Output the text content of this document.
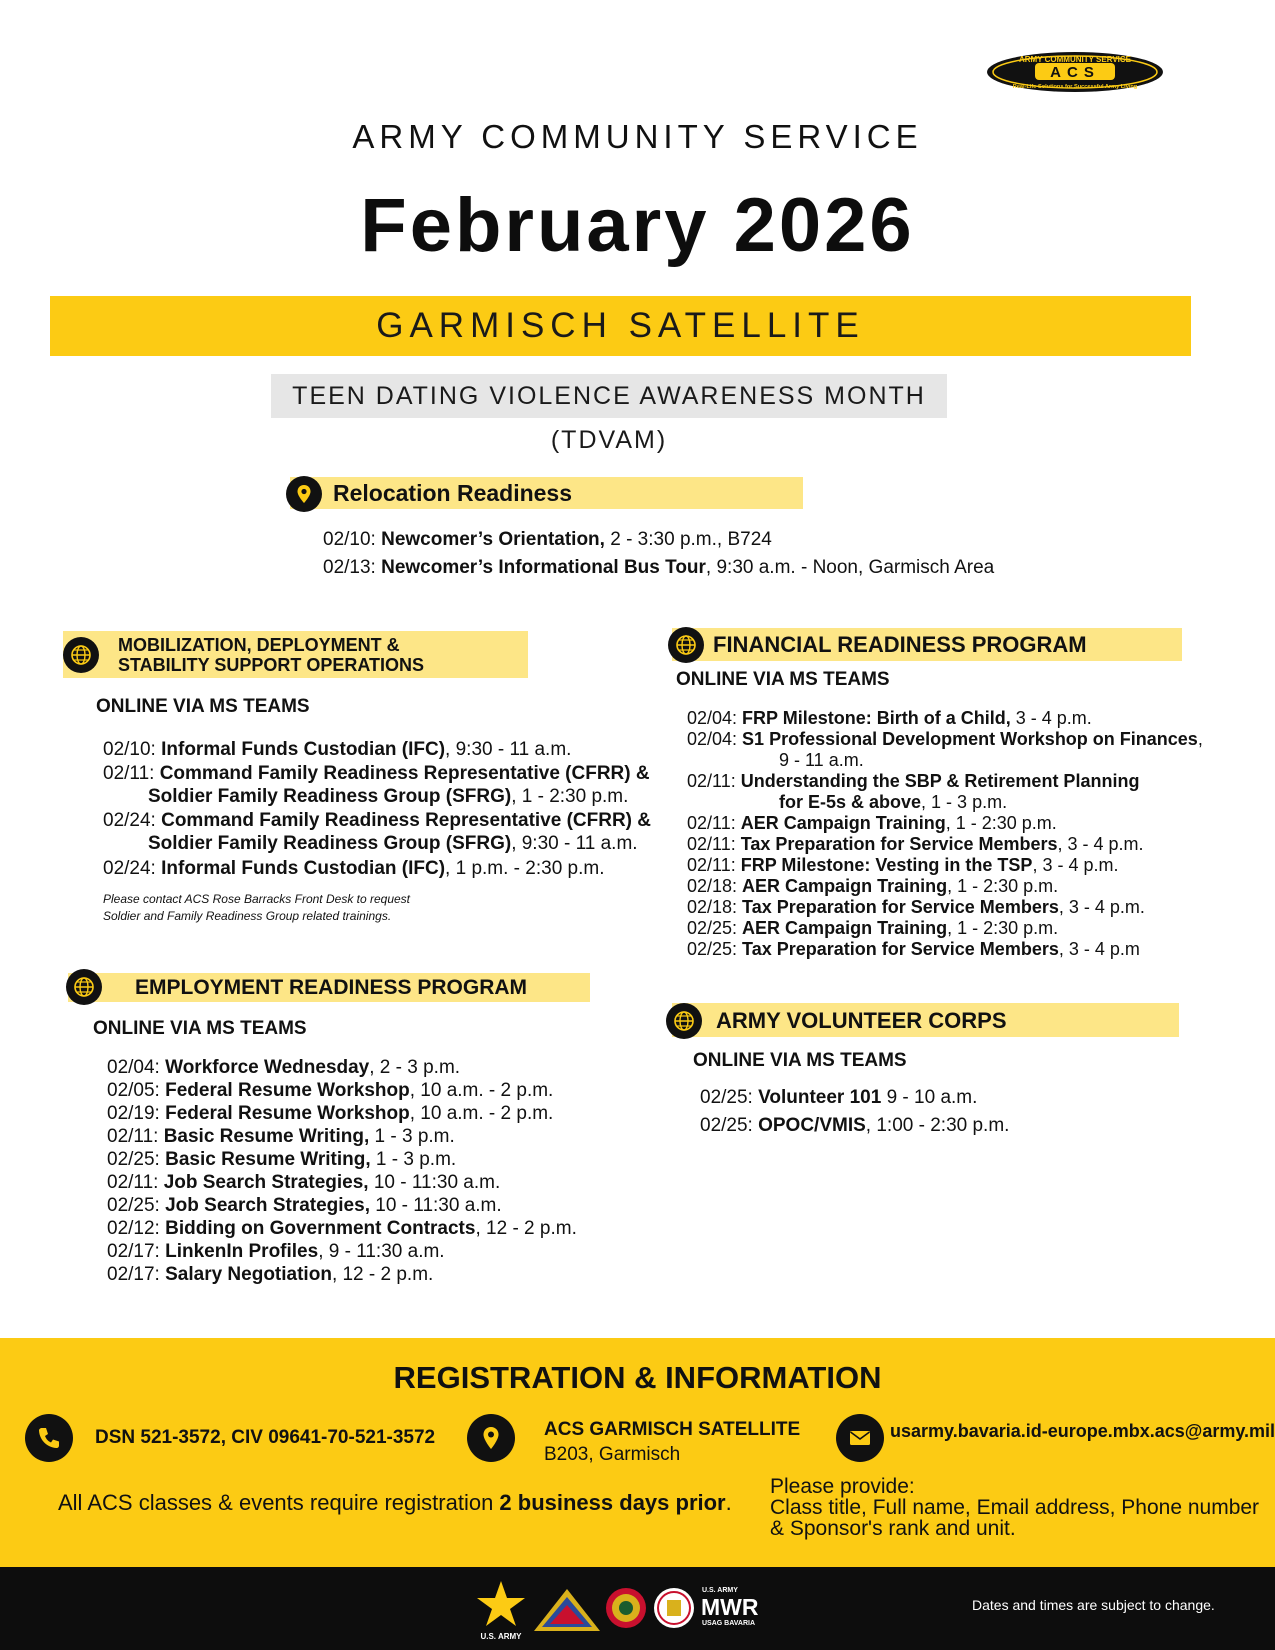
ARMY COMMUNITY SERVICE
ACS
Real-Life Solutions for Successful Army Living
ARMY COMMUNITY SERVICE
February 2026
GARMISCH SATELLITE
TEEN DATING VIOLENCE AWARENESS MONTH (TDVAM)
Relocation Readiness
02/10: Newcomer’s Orientation, 2 - 3:30 p.m., B724
02/13: Newcomer’s Informational Bus Tour, 9:30 a.m. - Noon, Garmisch Area
MOBILIZATION, DEPLOYMENT &
STABILITY SUPPORT OPERATIONS
ONLINE VIA MS TEAMS
02/10: Informal Funds Custodian (IFC), 9:30 - 11 a.m.
02/11: Command Family Readiness Representative (CFRR) &
Soldier Family Readiness Group (SFRG), 1 - 2:30 p.m.
02/24: Command Family Readiness Representative (CFRR) &
Soldier Family Readiness Group (SFRG), 9:30 - 11 a.m.
02/24: Informal Funds Custodian (IFC), 1 p.m. - 2:30 p.m.
Please contact ACS Rose Barracks Front Desk to request
Soldier and Family Readiness Group related trainings.
EMPLOYMENT READINESS PROGRAM
ONLINE VIA MS TEAMS
02/04: Workforce Wednesday, 2 - 3 p.m.
02/05: Federal Resume Workshop, 10 a.m. - 2 p.m.
02/19: Federal Resume Workshop, 10 a.m. - 2 p.m.
02/11: Basic Resume Writing, 1 - 3 p.m.
02/25: Basic Resume Writing, 1 - 3 p.m.
02/11: Job Search Strategies, 10 - 11:30 a.m.
02/25: Job Search Strategies, 10 - 11:30 a.m.
02/12: Bidding on Government Contracts, 12 - 2 p.m.
02/17: LinkenIn Profiles, 9 - 11:30 a.m.
02/17: Salary Negotiation, 12 - 2 p.m.
FINANCIAL READINESS PROGRAM
ONLINE VIA MS TEAMS
02/04: FRP Milestone: Birth of a Child, 3 - 4 p.m.
02/04: S1 Professional Development Workshop on Finances,
9 - 11 a.m.
02/11: Understanding the SBP & Retirement Planning
for E-5s & above, 1 - 3 p.m.
02/11: AER Campaign Training, 1 - 2:30 p.m.
02/11: Tax Preparation for Service Members, 3 - 4 p.m.
02/11: FRP Milestone: Vesting in the TSP, 3 - 4 p.m.
02/18: AER Campaign Training, 1 - 2:30 p.m.
02/18: Tax Preparation for Service Members, 3 - 4 p.m.
02/25: AER Campaign Training, 1 - 2:30 p.m.
02/25: Tax Preparation for Service Members, 3 - 4 p.m
ARMY VOLUNTEER CORPS
ONLINE VIA MS TEAMS
02/25: Volunteer 101 9 - 10 a.m.
02/25: OPOC/VMIS, 1:00 - 2:30 p.m.
REGISTRATION & INFORMATION
DSN 521-3572, CIV 09641-70-521-3572	ACS GARMISCH SATELLITE
B203, Garmisch
usarmy.bavaria.id-europe.mbx.acs@army.mil
All ACS classes & events require registration 2 business days prior.
Please provide:
Class title, Full name, Email address, Phone number
& Sponsor's rank and unit.
U.S. ARMY
U.S. ARMY
MWR
USAG BAVARIA
Dates and times are subject to change.
